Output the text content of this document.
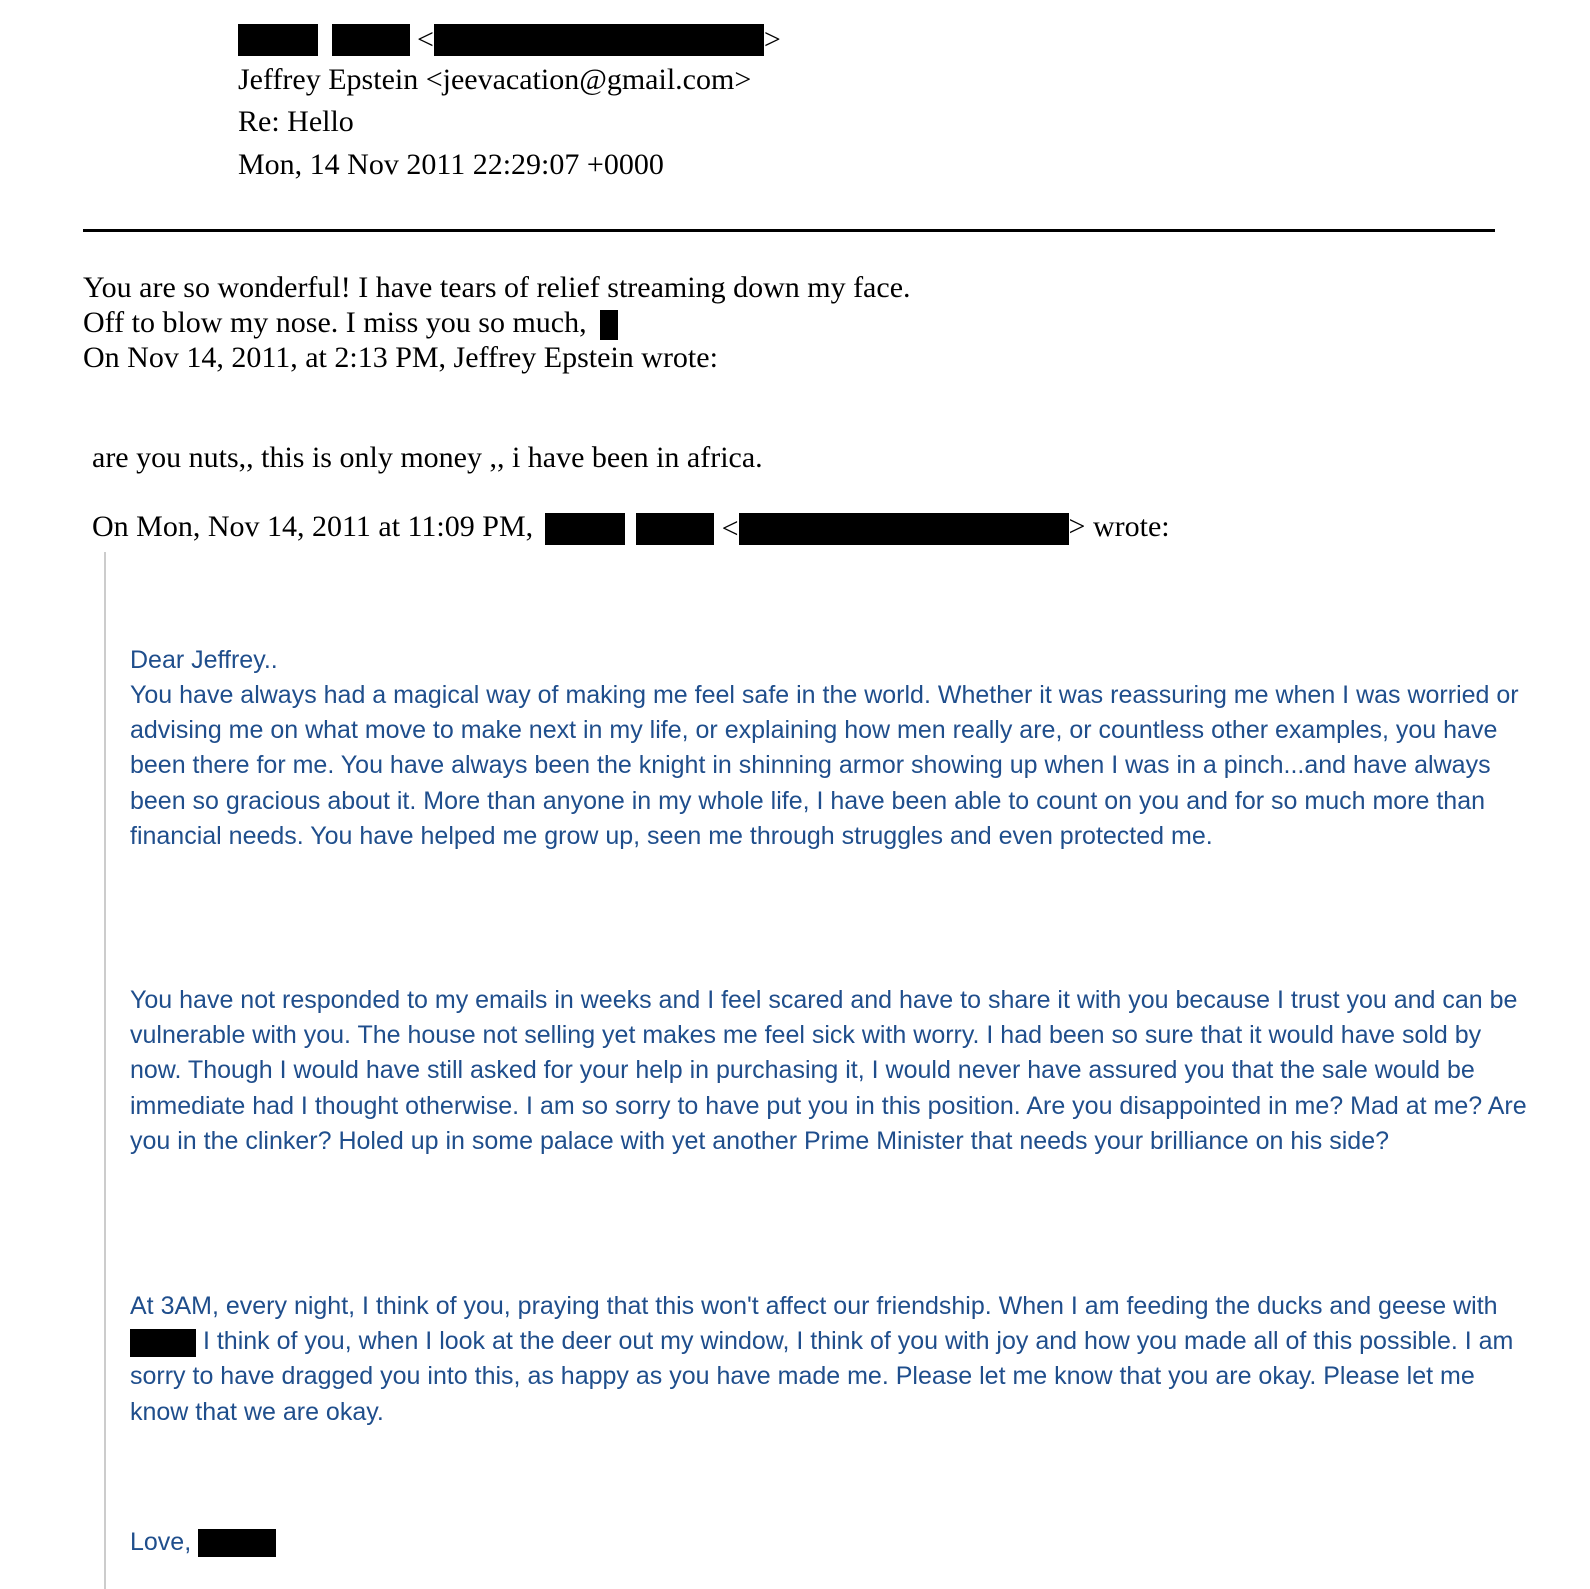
<	>
Jeffrey Epstein <jeevacation@gmail.com>
Re: Hello
Mon, 14 Nov 2011 22:29:07 +0000
You are so wonderful! I have tears of relief streaming down my face.
Off to blow my nose. I miss you so much,
On Nov 14, 2011, at 2:13 PM, Jeffrey Epstein wrote:
are you nuts,, this is only money ,, i have been in africa.
On Mon, Nov 14, 2011 at 11:09 PM,	<	> wrote:
Dear Jeffrey..

You have always had a magical way of making me feel safe in the world. Whether it was reassuring me when I was worried or advising me on what move to make next in my life, or explaining how men really are, or countless other examples, you have been there for me. You have always been the knight in shinning armor showing up when I was in a pinch...and have always been so gracious about it. More than anyone in my whole life, I have been able to count on you and for so much more than financial needs. You have helped me grow up, seen me through struggles and even protected me.

You have not responded to my emails in weeks and I feel scared and have to share it with you because I trust you and can be vulnerable with you. The house not selling yet makes me feel sick with worry. I had been so sure that it would have sold by now. Though I would have still asked for your help in purchasing it, I would never have assured you that the sale would be immediate had I thought otherwise. I am so sorry to have put you in this position. Are you disappointed in me? Mad at me? Are you in the clinker? Holed up in some palace with yet another Prime Minister that needs your brilliance on his side?

At 3AM, every night, I think of you, praying that this won't affect our friendship. When I am feeding the ducks and geese with  I think of you, when I look at the deer out my window, I think of you with joy and how you made all of this possible. I am sorry to have dragged you into this, as happy as you have made me. Please let me know that you are okay. Please let me know that we are okay.

Love,
